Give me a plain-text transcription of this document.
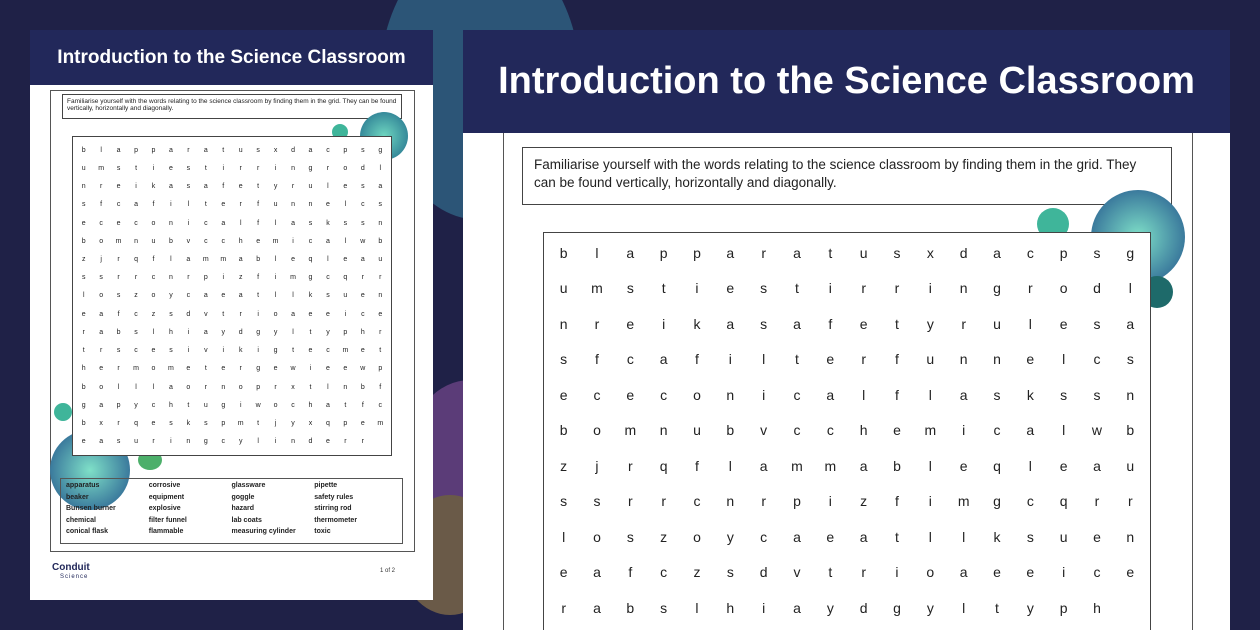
Introduction to the Science Classroom
Familiarise yourself with the words relating to the science classroom by finding them in the grid. They can be found vertically, horizontally and diagonally.
b	l	a	p	p	a	r	a	t	u	s	x	d	a	c	p	s	g
u	m	s	t	i	e	s	t	i	r	r	i	n	g	r	o	d	l
n	r	e	i	k	a	s	a	f	e	t	y	r	u	l	e	s	a
s	f	c	a	f	i	l	t	e	r	f	u	n	n	e	l	c	s
e	c	e	c	o	n	i	c	a	l	f	l	a	s	k	s	s	n
b	o	m	n	u	b	v	c	c	h	e	m	i	c	a	l	w	b
z	j	r	q	f	l	a	m	m	a	b	l	e	q	l	e	a	u
s	s	r	r	c	n	r	p	i	z	f	i	m	g	c	q	r	r
l	o	s	z	o	y	c	a	e	a	t	l	l	k	s	u	e	n
e	a	f	c	z	s	d	v	t	r	i	o	a	e	e	i	c	e
r	a	b	s	l	h	i	a	y	d	g	y	l	t	y	p	h	r
t	r	s	c	e	s	i	v	i	k	i	g	t	e	c	m	e	t
h	e	r	m	o	m	e	t	e	r	g	e	w	i	e	e	w	p
b	o	l	l	l	a	o	r	n	o	p	r	x	t	l	n	b	f
g	a	p	y	c	h	t	u	g	i	w	o	c	h	a	t	f	c
b	x	r	q	e	s	k	s	p	m	t	j	y	x	q	p	e	m
e	a	s	u	r	i	n	g	c	y	l	i	n	d	e	r	r
apparatus
beaker
Bunsen burner
chemical
conical flask
corrosive
equipment
explosive
filter funnel
flammable
glassware
goggle
hazard
lab coats
measuring cylinder
pipette
safety rules
stirring rod
thermometer
toxic
Conduit
Science
1 of 2
Introduction to the Science Classroom
Familiarise yourself with the words relating to the science classroom by finding them in the grid. They can be found vertically, horizontally and diagonally.
b	l	a	p	p	a	r	a	t	u	s	x	d	a	c	p	s	g
u	m	s	t	i	e	s	t	i	r	r	i	n	g	r	o	d	l
n	r	e	i	k	a	s	a	f	e	t	y	r	u	l	e	s	a
s	f	c	a	f	i	l	t	e	r	f	u	n	n	e	l	c	s
e	c	e	c	o	n	i	c	a	l	f	l	a	s	k	s	s	n
b	o	m	n	u	b	v	c	c	h	e	m	i	c	a	l	w	b
z	j	r	q	f	l	a	m	m	a	b	l	e	q	l	e	a	u
s	s	r	r	c	n	r	p	i	z	f	i	m	g	c	q	r	r
l	o	s	z	o	y	c	a	e	a	t	l	l	k	s	u	e	n
e	a	f	c	z	s	d	v	t	r	i	o	a	e	e	i	c	e
r	a	b	s	l	h	i	a	y	d	g	y	l	t	y	p	h
